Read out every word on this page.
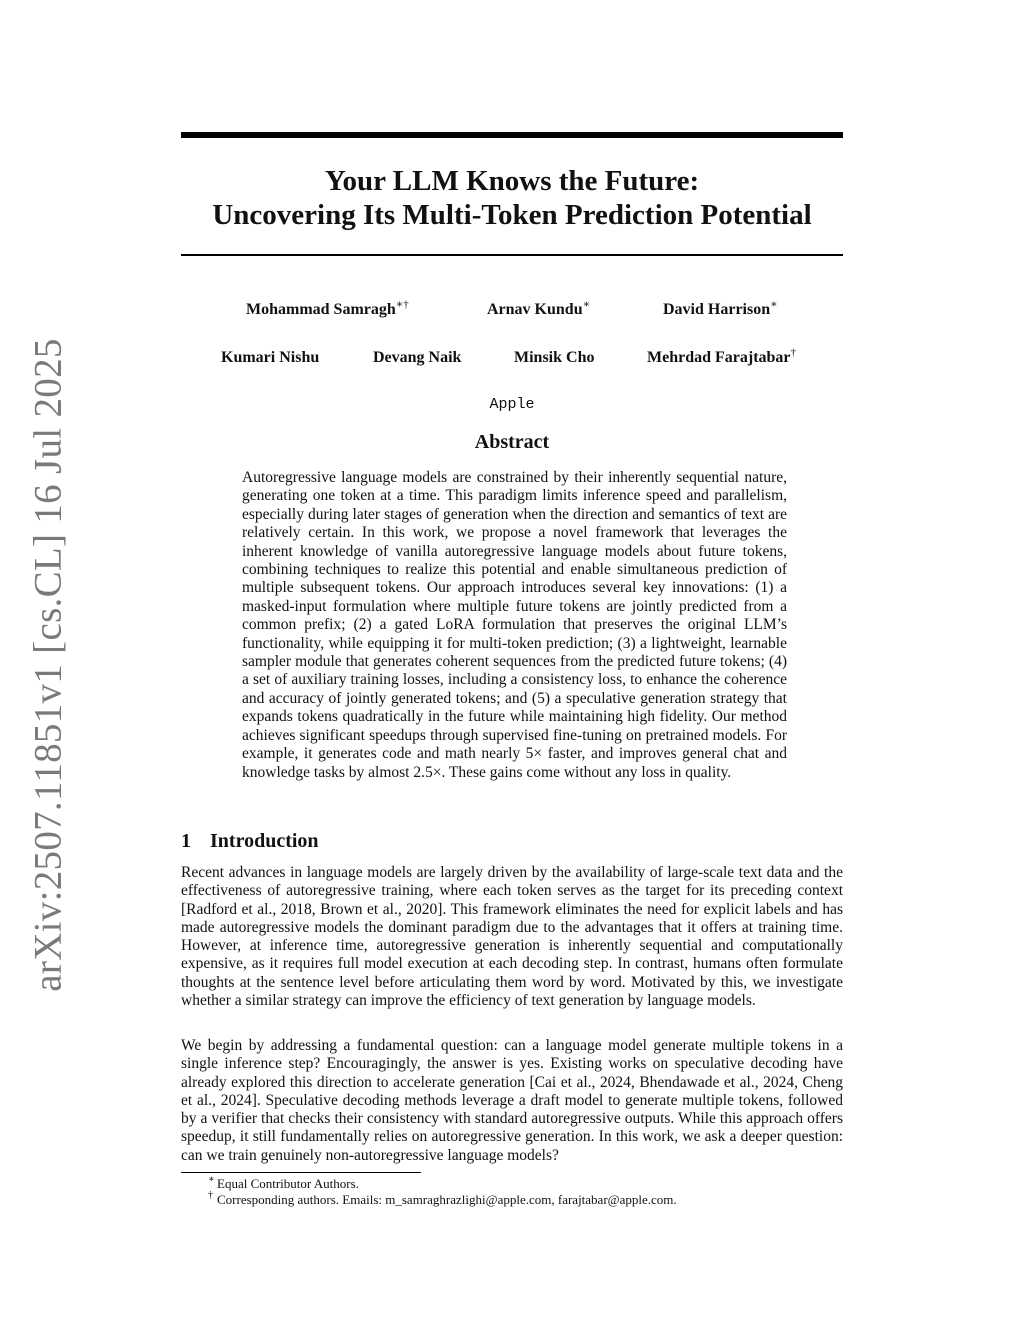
arXiv:2507.11851v1 [cs.CL] 16 Jul 2025
Your LLM Knows the Future:
Uncovering Its Multi-Token Prediction Potential
Mohammad Samragh∗†	Arnav Kundu∗	David Harrison∗
Kumari Nishu	Devang Naik	Minsik Cho	Mehrdad Farajtabar†
Apple
Abstract
Autoregressive language models are constrained by their inherently sequential nature, generating one token at a time. This paradigm limits inference speed and parallelism, especially during later stages of generation when the direction and semantics of text are relatively certain. In this work, we propose a novel framework that leverages the inherent knowledge of vanilla autoregressive language models about future tokens, combining techniques to realize this potential and enable simultaneous prediction of multiple subsequent tokens. Our approach introduces several key innovations: (1) a masked-input formulation where multiple future tokens are jointly predicted from a common prefix; (2) a gated LoRA formulation that preserves the original LLM’s functionality, while equipping it for multi-token prediction; (3) a lightweight, learnable sampler module that generates coherent sequences from the predicted future tokens; (4) a set of auxiliary training losses, including a consistency loss, to enhance the coherence and accuracy of jointly generated tokens; and (5) a speculative generation strategy that expands tokens quadratically in the future while maintaining high fidelity. Our method achieves significant speedups through supervised fine-tuning on pretrained models. For example, it generates code and math nearly 5× faster, and improves general chat and knowledge tasks by almost 2.5×. These gains come without any loss in quality.
1 Introduction
Recent advances in language models are largely driven by the availability of large-scale text data and the effectiveness of autoregressive training, where each token serves as the target for its preceding context [Radford et al., 2018, Brown et al., 2020]. This framework eliminates the need for explicit labels and has made autoregressive models the dominant paradigm due to the advantages that it offers at training time. However, at inference time, autoregressive generation is inherently sequential and computationally expensive, as it requires full model execution at each decoding step. In contrast, humans often formulate thoughts at the sentence level before articulating them word by word. Motivated by this, we investigate whether a similar strategy can improve the efficiency of text generation by language models.
We begin by addressing a fundamental question: can a language model generate multiple tokens in a single inference step? Encouragingly, the answer is yes. Existing works on speculative decoding have already explored this direction to accelerate generation [Cai et al., 2024, Bhendawade et al., 2024, Cheng et al., 2024]. Speculative decoding methods leverage a draft model to generate multiple tokens, followed by a verifier that checks their consistency with standard autoregressive outputs. While this approach offers speedup, it still fundamentally relies on autoregressive generation. In this work, we ask a deeper question: can we train genuinely non-autoregressive language models?
∗ Equal Contributor Authors.
† Corresponding authors. Emails: m_samraghrazlighi@apple.com, farajtabar@apple.com.
